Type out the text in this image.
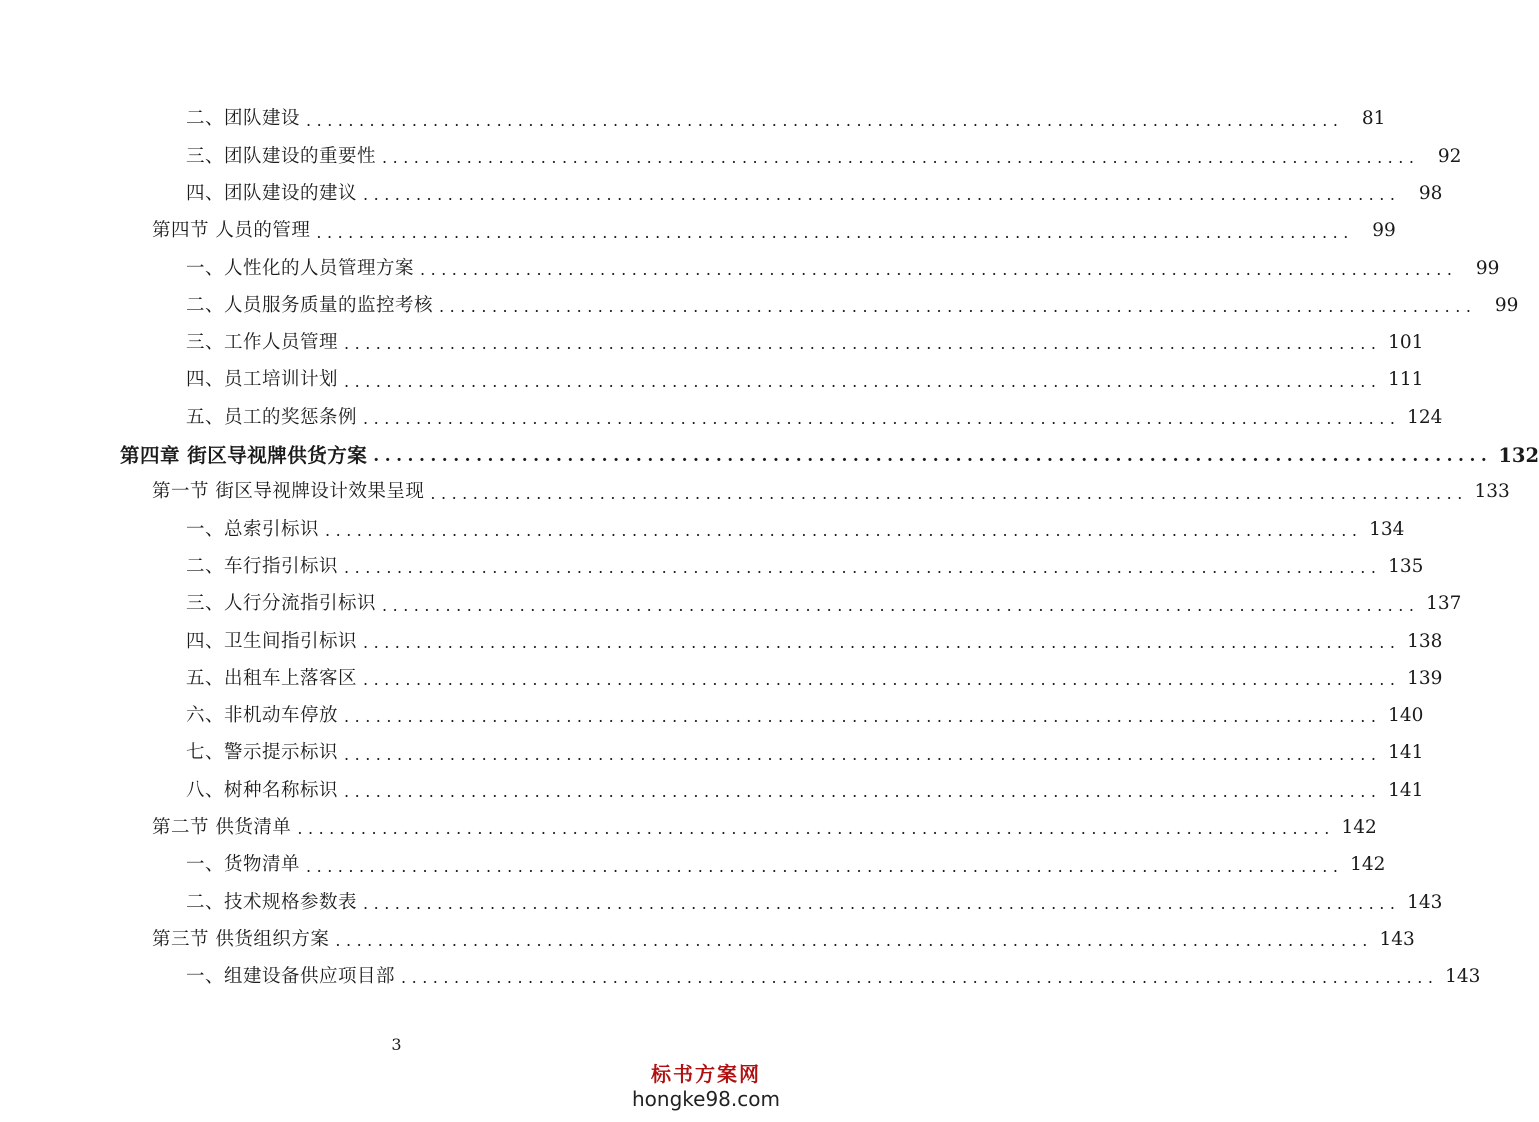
二、团队建设 .................................................................................................. 81
三、团队建设的重要性 .................................................................................................. 92
四、团队建设的建议 .................................................................................................. 98
第四节 人员的管理 .................................................................................................. 99
一、人性化的人员管理方案 .................................................................................................. 99
二、人员服务质量的监控考核 .................................................................................................. 99
三、工作人员管理 .................................................................................................. 101
四、员工培训计划 .................................................................................................. 111
五、员工的奖惩条例 .................................................................................................. 124
第四章 街区导视牌供货方案 .................................................................................................. 132
第一节 街区导视牌设计效果呈现 .................................................................................................. 133
一、总索引标识 .................................................................................................. 134
二、车行指引标识 .................................................................................................. 135
三、人行分流指引标识 .................................................................................................. 137
四、卫生间指引标识 .................................................................................................. 138
五、出租车上落客区 .................................................................................................. 139
六、非机动车停放 .................................................................................................. 140
七、警示提示标识 .................................................................................................. 141
八、树种名称标识 .................................................................................................. 141
第二节 供货清单 .................................................................................................. 142
一、货物清单 .................................................................................................. 142
二、技术规格参数表 .................................................................................................. 143
第三节 供货组织方案 .................................................................................................. 143
一、组建设备供应项目部 .................................................................................................. 143
3
标书方案网
hongke98.com
